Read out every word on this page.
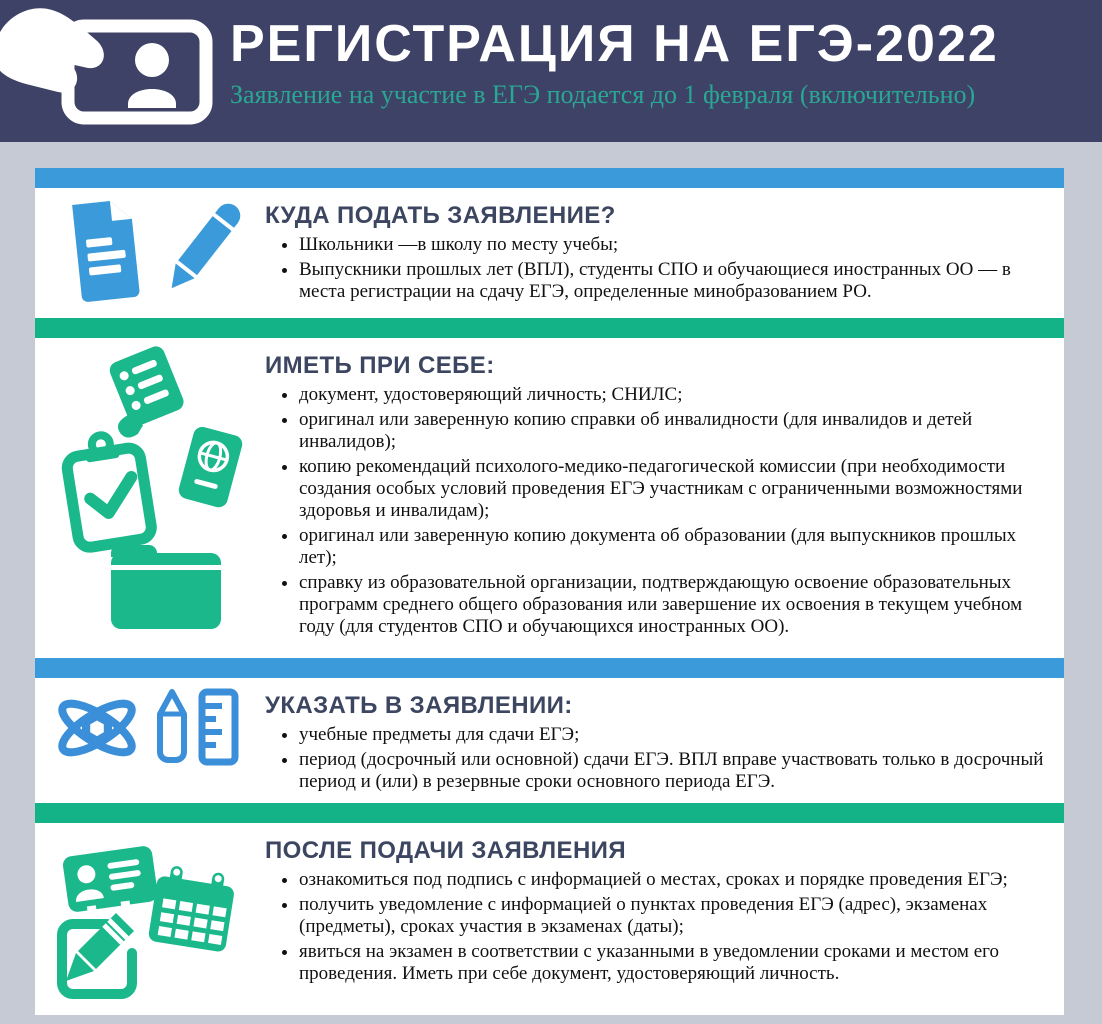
РЕГИСТРАЦИЯ НА ЕГЭ-2022

Заявление на участие в ЕГЭ подается до 1 февраля (включительно)

КУДА ПОДАТЬ ЗАЯВЛЕНИЕ?
• Школьники —в школу по месту учебы;
• Выпускники прошлых лет (ВПЛ), студенты СПО и обучающиеся иностранных ОО — в места регистрации на сдачу ЕГЭ, определенные минобразованием РО.
ИМЕТЬ ПРИ СЕБЕ:
• документ, удостоверяющий личность; СНИЛС;
• оригинал или заверенную копию справки об инвалидности (для инвалидов и детей инвалидов);
• копию рекомендаций психолого-медико-педагогической комиссии (при необходимости создания особых условий проведения ЕГЭ участникам с ограниченными возможностями здоровья и инвалидам);
• оригинал или заверенную копию документа об образовании (для выпускников прошлых лет);
• справку из образовательной организации, подтверждающую освоение образовательных программ среднего общего образования или завершение их освоения в текущем учебном году (для студентов СПО и обучающихся иностранных ОО).
УКАЗАТЬ В ЗАЯВЛЕНИИ:
• учебные предметы для сдачи ЕГЭ;
• период (досрочный или основной) сдачи ЕГЭ. ВПЛ вправе участвовать только в досрочный период и (или) в резервные сроки основного периода ЕГЭ.
ПОСЛЕ ПОДАЧИ ЗАЯВЛЕНИЯ
• ознакомиться под подпись с информацией о местах, сроках и порядке проведения ЕГЭ;
• получить уведомление с информацией о пунктах проведения ЕГЭ (адрес), экзаменах (предметы), сроках участия в экзаменах (даты);
• явиться на экзамен в соответствии с указанными в уведомлении сроками и местом его проведения. Иметь при себе документ, удостоверяющий личность.
